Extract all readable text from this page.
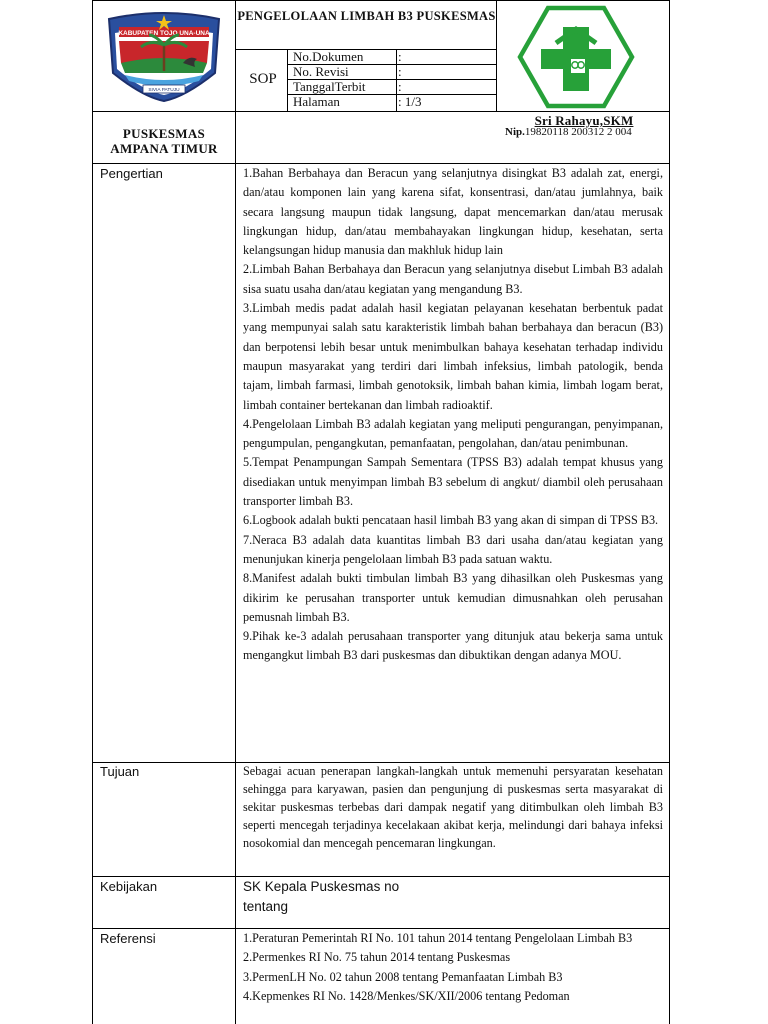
KABUPATEN TOJO UNA-UNA
SIVIA PATUJU
PENGELOLAAN LIMBAH B3 PUSKESMAS
SOP
No.Dokumen	:
No. Revisi	:
TanggalTerbit :
Halaman	: 1/3
PUSKESMAS AMPANA TIMUR
Sri Rahayu,SKM
Nip.19820118 200312 2 004
Pengertian	1.Bahan Berbahaya dan Beracun yang selanjutnya disingkat B3 adalah zat, energi, dan/atau komponen lain yang karena sifat, konsentrasi, dan/atau jumlahnya, baik secara langsung maupun tidak langsung, dapat mencemarkan dan/atau merusak lingkungan hidup, dan/atau membahayakan lingkungan hidup, kesehatan, serta kelangsungan hidup manusia dan makhluk hidup lain
2.Limbah Bahan Berbahaya dan Beracun yang selanjutnya disebut Limbah B3 adalah sisa suatu usaha dan/atau kegiatan yang mengandung B3.
3.Limbah medis padat adalah hasil kegiatan pelayanan kesehatan berbentuk padat yang mempunyai salah satu karakteristik limbah bahan berbahaya dan beracun (B3) dan berpotensi lebih besar untuk menimbulkan bahaya kesehatan terhadap individu maupun masyarakat yang terdiri dari limbah infeksius, limbah patologik, benda tajam, limbah farmasi, limbah genotoksik, limbah bahan kimia, limbah logam berat, limbah container bertekanan dan limbah radioaktif.
4.Pengelolaan Limbah B3 adalah kegiatan yang meliputi pengurangan, penyimpanan, pengumpulan, pengangkutan, pemanfaatan, pengolahan, dan/atau penimbunan.
5.Tempat Penampungan Sampah Sementara (TPSS B3) adalah tempat khusus yang disediakan untuk menyimpan limbah B3 sebelum di angkut/ diambil oleh perusahaan transporter limbah B3.
6.Logbook adalah bukti pencataan hasil limbah B3 yang akan di simpan di TPSS B3.
7.Neraca B3 adalah data kuantitas limbah B3 dari usaha dan/atau kegiatan yang menunjukan kinerja pengelolaan limbah B3 pada satuan waktu.
8.Manifest adalah bukti timbulan limbah B3 yang dihasilkan oleh Puskesmas yang dikirim ke perusahan transporter untuk kemudian dimusnahkan oleh perusahan pemusnah limbah B3.
9.Pihak ke-3 adalah perusahaan transporter yang ditunjuk atau bekerja sama untuk mengangkut limbah B3 dari puskesmas dan dibuktikan dengan adanya MOU.
Tujuan	Sebagai acuan penerapan langkah-langkah untuk memenuhi persyaratan kesehatan sehingga para karyawan, pasien dan pengunjung di puskesmas serta masyarakat di sekitar puskesmas terbebas dari dampak negatif yang ditimbulkan oleh limbah B3 seperti mencegah terjadinya kecelakaan akibat kerja, melindungi dari bahaya infeksi nosokomial dan mencegah pencemaran lingkungan.
Kebijakan	SK Kepala Puskesmas no
tentang
Referensi	1.Peraturan Pemerintah RI No. 101 tahun 2014 tentang Pengelolaan Limbah B3
2.Permenkes RI No. 75 tahun 2014 tentang Puskesmas
3.PermenLH No. 02 tahun 2008 tentang Pemanfaatan Limbah B3
4.Kepmenkes RI No. 1428/Menkes/SK/XII/2006 tentang Pedoman
